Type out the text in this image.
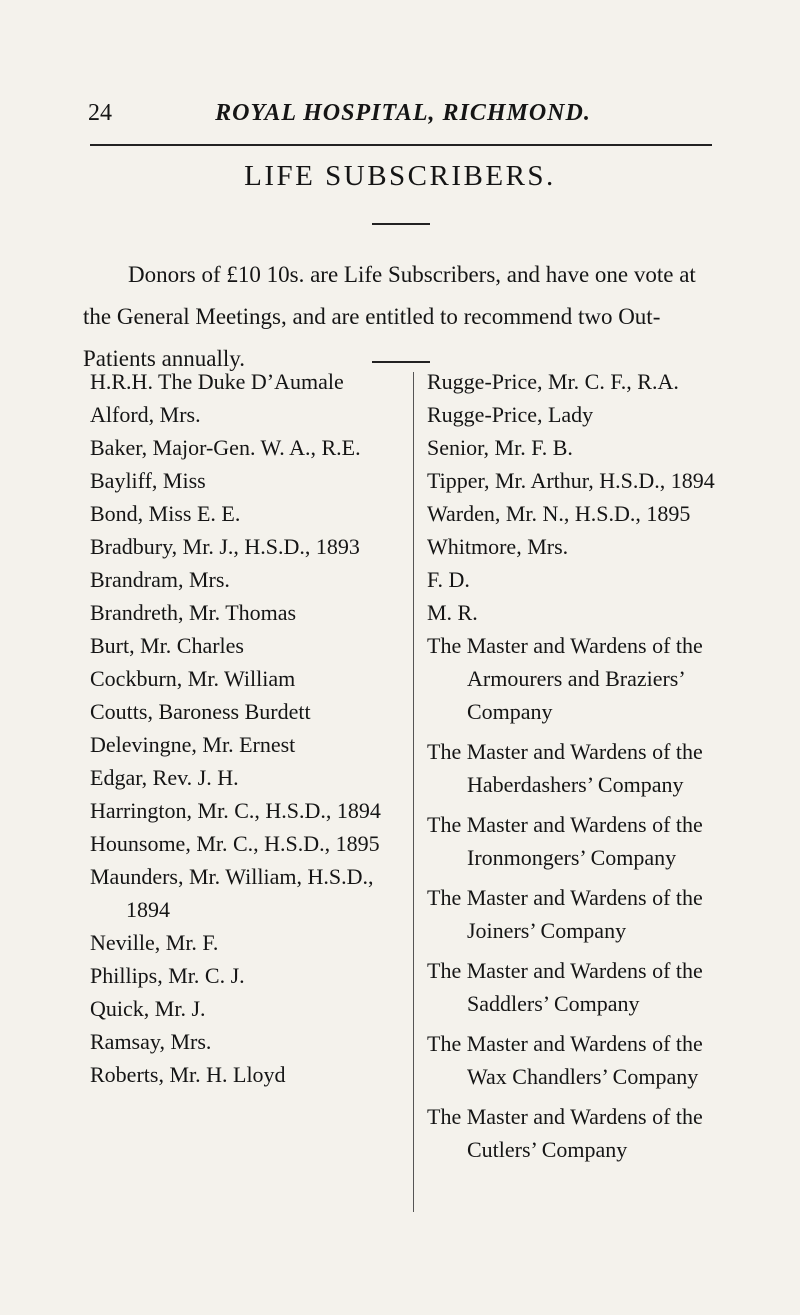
24	ROYAL HOSPITAL, RICHMOND.
LIFE SUBSCRIBERS.

Donors of £10 10s. are Life Subscribers, and have one vote at the General Meetings, and are entitled to recommend two Out-Patients annually.

H.R.H. The Duke D’Aumale
Alford, Mrs.
Baker, Major-Gen. W. A., R.E.
Bayliff, Miss
Bond, Miss E. E.
Bradbury, Mr. J., H.S.D., 1893
Brandram, Mrs.
Brandreth, Mr. Thomas
Burt, Mr. Charles
Cockburn, Mr. William
Coutts, Baroness Burdett
Delevingne, Mr. Ernest
Edgar, Rev. J. H.
Harrington, Mr. C., H.S.D., 1894
Hounsome, Mr. C., H.S.D., 1895
Maunders, Mr. William, H.S.D., 1894
Neville, Mr. F.
Phillips, Mr. C. J.
Quick, Mr. J.
Ramsay, Mrs.
Roberts, Mr. H. Lloyd
Rugge-Price, Mr. C. F., R.A.
Rugge-Price, Lady
Senior, Mr. F. B.
Tipper, Mr. Arthur, H.S.D., 1894
Warden, Mr. N., H.S.D., 1895
Whitmore, Mrs.
F. D.
M. R.
The Master and Wardens of the Armourers and Braziers’ Company
The Master and Wardens of the Haberdashers’ Company
The Master and Wardens of the Ironmongers’ Company
The Master and Wardens of the Joiners’ Company
The Master and Wardens of the Saddlers’ Company
The Master and Wardens of the Wax Chandlers’ Company
The Master and Wardens of the Cutlers’ Company
